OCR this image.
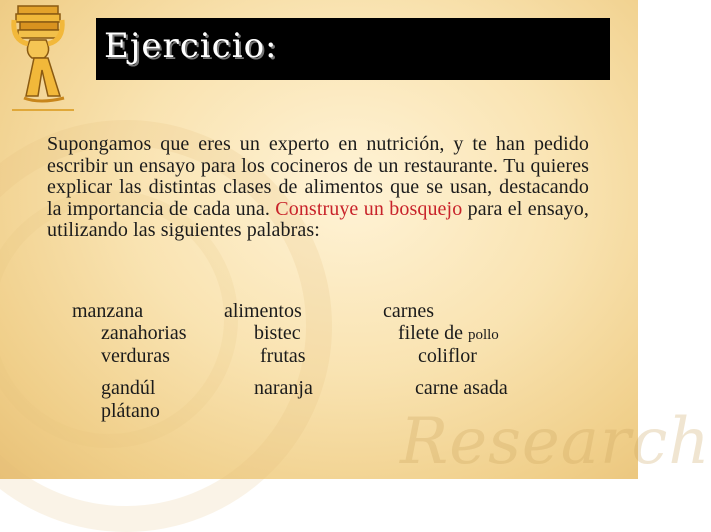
Research
Ejercicio:
Supongamos que eres un experto en nutrición, y te han pedido escribir un ensayo para los cocineros de un restaurante. Tu quieres explicar las distintas clases de alimentos que se usan, destacando la importancia de cada una. Construye un bosquejo para el ensayo, utilizando las siguientes palabras:
manzana	alimentos	carnes
zanahorias	bistec	filete de pollo
verduras	frutas	coliflor
gandúl	naranja	carne asada
plátano
